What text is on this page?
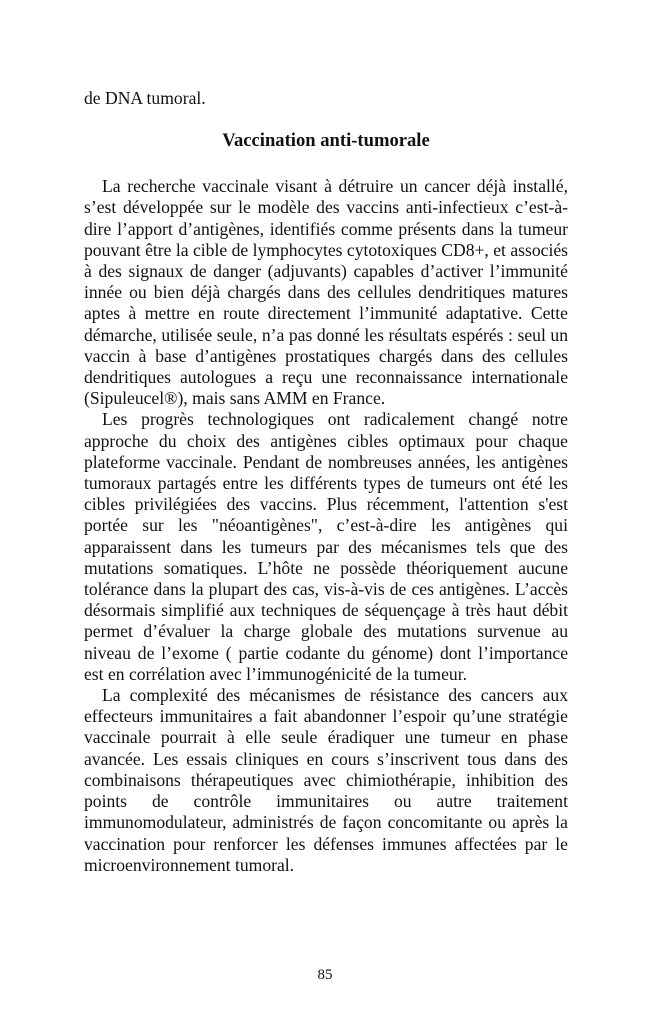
de DNA tumoral.

Vaccination anti-tumorale

La recherche vaccinale visant à détruire un cancer déjà installé, s’est développée sur le modèle des vaccins anti-infectieux c’est-à-dire l’apport d’antigènes, identifiés comme présents dans la tumeur pouvant être la cible de lymphocytes cytotoxiques CD8+, et associés à des signaux de danger (adjuvants) capables d’activer l’immunité innée ou bien déjà chargés dans des cellules dendritiques matures aptes à mettre en route directement l’immunité adaptative. Cette démarche, utilisée seule, n’a pas donné les résultats espérés : seul un vaccin à base d’antigènes prostatiques chargés dans des cellules dendritiques autologues a reçu une reconnaissance internationale (Sipuleucel®), mais sans AMM en France.

Les progrès technologiques ont radicalement changé notre approche du choix des antigènes cibles optimaux pour chaque plateforme vaccinale. Pendant de nombreuses années, les antigènes tumoraux partagés entre les différents types de tumeurs ont été les cibles privilégiées des vaccins. Plus récemment, l'attention s'est portée sur les "néoantigènes", c’est-à-dire les antigènes qui apparaissent dans les tumeurs par des mécanismes tels que des mutations somatiques. L’hôte ne possède théoriquement aucune tolérance dans la plupart des cas, vis-à-vis de ces antigènes. L’accès désormais simplifié aux techniques de séquençage à très haut débit permet d’évaluer la charge globale des mutations survenue au niveau de l’exome ( partie codante du génome) dont l’importance est en corrélation avec l’immunogénicité de la tumeur.

La complexité des mécanismes de résistance des cancers aux effecteurs immunitaires a fait abandonner l’espoir qu’une stratégie vaccinale pourrait à elle seule éradiquer une tumeur en phase avancée. Les essais cliniques en cours s’inscrivent tous dans des combinaisons thérapeutiques avec chimiothérapie, inhibition des points de contrôle immunitaires ou autre traitement immunomodulateur, administrés de façon concomitante ou après la vaccination pour renforcer les défenses immunes affectées par le microenvironnement tumoral.

85
